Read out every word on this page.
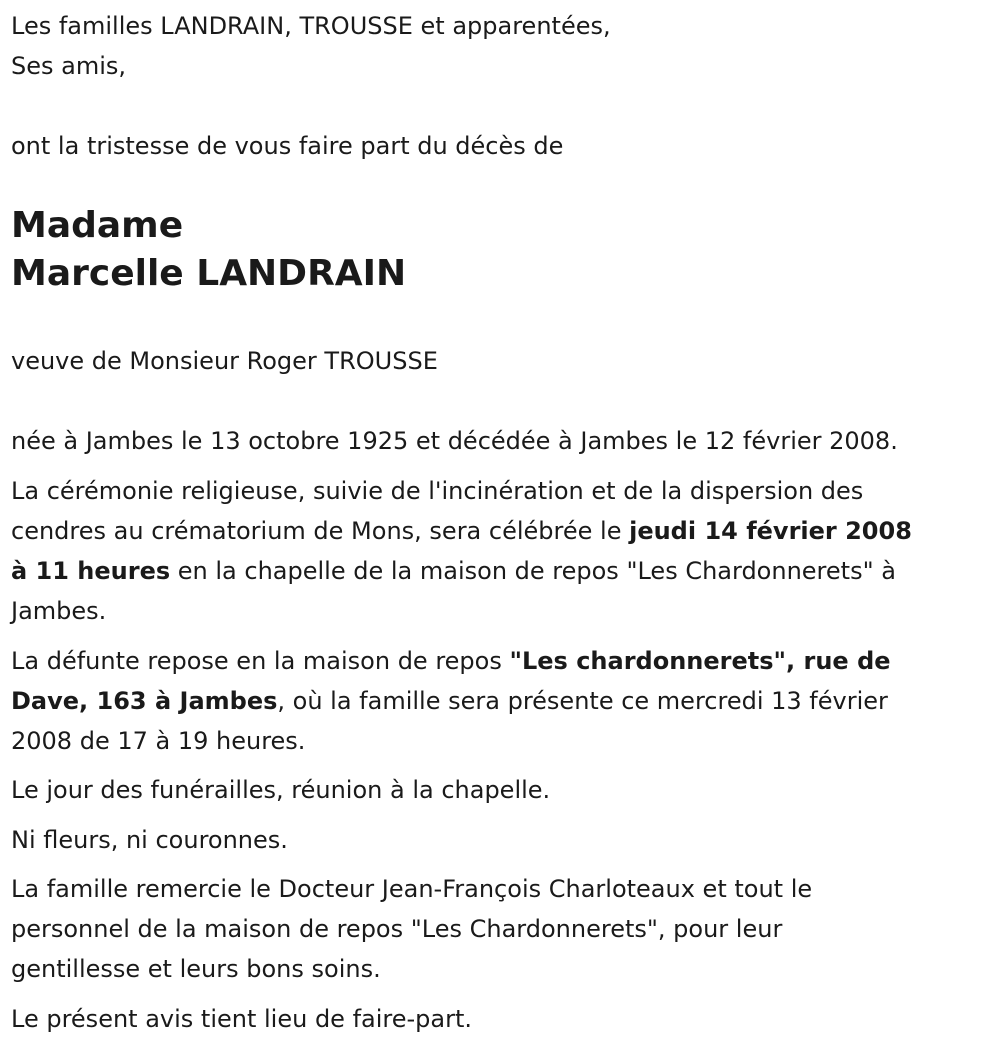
Les familles LANDRAIN, TROUSSE et apparentées,

Ses amis,

ont la tristesse de vous faire part du décès de

Madame

Marcelle LANDRAIN

veuve de Monsieur Roger TROUSSE

née à Jambes le 13 octobre 1925 et décédée à Jambes le 12 février 2008.

La cérémonie religieuse, suivie de l'incinération et de la dispersion des

cendres au crématorium de Mons, sera célébrée le jeudi 14 février 2008

à 11 heures en la chapelle de la maison de repos "Les Chardonnerets" à

Jambes.

La défunte repose en la maison de repos "Les chardonnerets", rue de

Dave, 163 à Jambes, où la famille sera présente ce mercredi 13 février

2008 de 17 à 19 heures.

Le jour des funérailles, réunion à la chapelle.

Ni fleurs, ni couronnes.

La famille remercie le Docteur Jean-François Charloteaux et tout le

personnel de la maison de repos "Les Chardonnerets", pour leur

gentillesse et leurs bons soins.

Le présent avis tient lieu de faire-part.
